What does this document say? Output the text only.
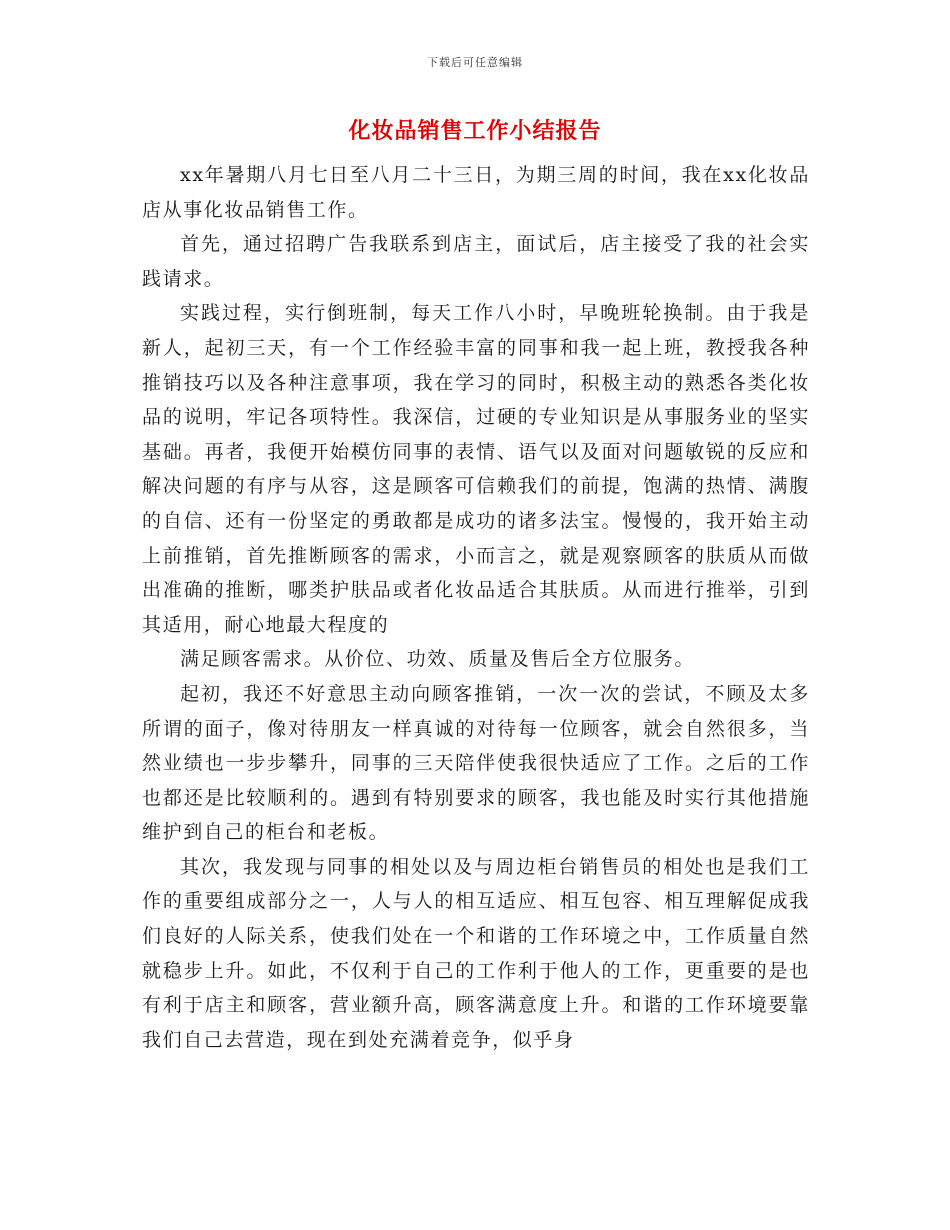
下载后可任意编辑
化妆品销售工作小结报告

xx年暑期八月七日至八月二十三日，为期三周的时间，我在xx化妆品店从事化妆品销售工作。

首先，通过招聘广告我联系到店主，面试后，店主接受了我的社会实践请求。

实践过程，实行倒班制，每天工作八小时，早晚班轮换制。由于我是新人，起初三天，有一个工作经验丰富的同事和我一起上班，教授我各种推销技巧以及各种注意事项，我在学习的同时，积极主动的熟悉各类化妆品的说明，牢记各项特性。我深信，过硬的专业知识是从事服务业的坚实基础。再者，我便开始模仿同事的表情、语气以及面对问题敏锐的反应和解决问题的有序与从容，这是顾客可信赖我们的前提，饱满的热情、满腹的自信、还有一份坚定的勇敢都是成功的诸多法宝。慢慢的，我开始主动上前推销，首先推断顾客的需求，小而言之，就是观察顾客的肤质从而做出准确的推断，哪类护肤品或者化妆品适合其肤质。从而进行推举，引到其适用，耐心地最大程度的

满足顾客需求。从价位、功效、质量及售后全方位服务。

起初，我还不好意思主动向顾客推销，一次一次的尝试，不顾及太多所谓的面子，像对待朋友一样真诚的对待每一位顾客，就会自然很多，当然业绩也一步步攀升，同事的三天陪伴使我很快适应了工作。之后的工作也都还是比较顺利的。遇到有特别要求的顾客，我也能及时实行其他措施维护到自己的柜台和老板。

其次，我发现与同事的相处以及与周边柜台销售员的相处也是我们工作的重要组成部分之一，人与人的相互适应、相互包容、相互理解促成我们良好的人际关系，使我们处在一个和谐的工作环境之中，工作质量自然就稳步上升。如此，不仅利于自己的工作利于他人的工作，更重要的是也有利于店主和顾客，营业额升高，顾客满意度上升。和谐的工作环境要靠我们自己去营造，现在到处充满着竞争，似乎身
